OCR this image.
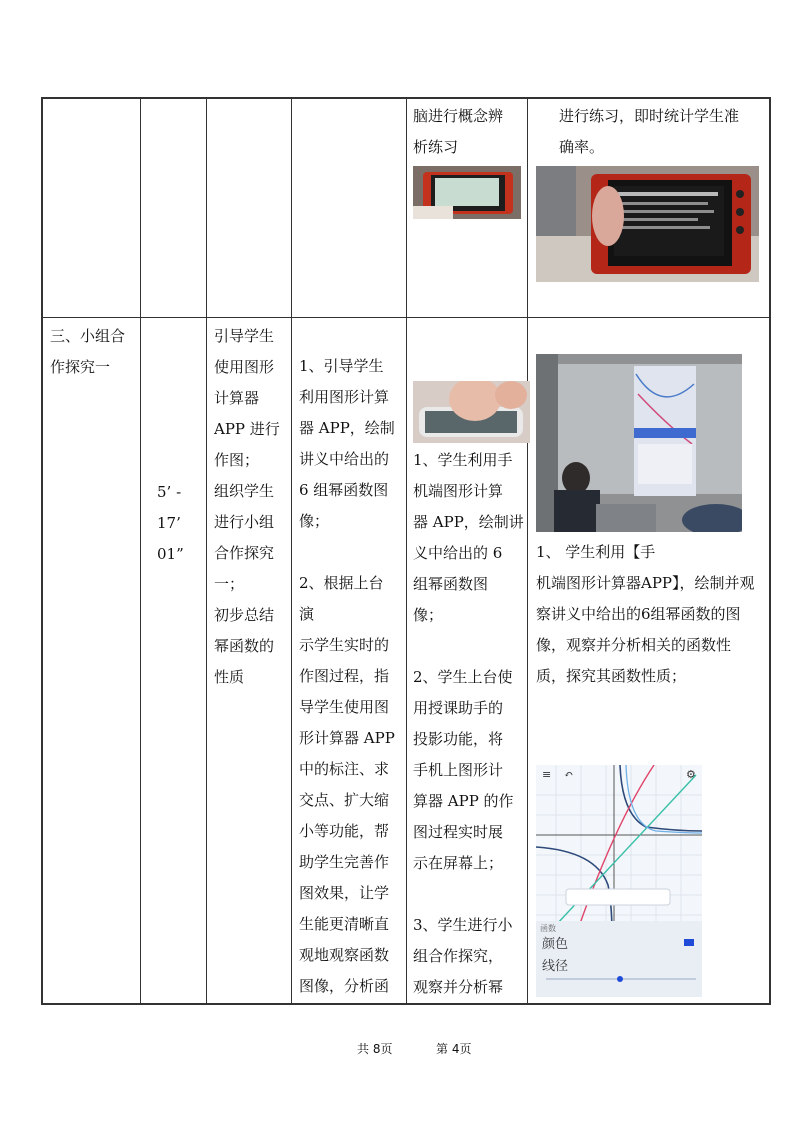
脑进行概念辨
析练习
进行练习，即时统计学生准
确率。
三、小组合
作探究一
5’ -
17’
01”
引导学生
使用图形
计算器
APP 进行
作图；
组织学生
进行小组
合作探究
一；
初步总结
幂函数的
性质
1、引导学生
利用图形计算
器 APP，绘制
讲义中给出的
6 组幂函数图
像；

2、根据上台
演
示学生实时的
作图过程，指
导学生使用图
形计算器 APP
中的标注、求
交点、扩大缩
小等功能，帮
助学生完善作
图效果，让学
生能更清晰直
观地观察函数
图像，分析函
1、学生利用手
机端图形计算
器 APP，绘制讲
义中给出的 6
组幂函数图
像；

2、学生上台使
用授课助手的
投影功能，将
手机上图形计
算器 APP 的作
图过程实时展
示在屏幕上；

3、学生进行小
组合作探究，
观察并分析幂
1、 学生利用【手
机端图形计算器APP】，绘制并观
察讲义中给出的6组幂函数的图
像，观察并分析相关的函数性
质，探究其函数性质；
≡ ↶	⚙
函数
颜色
线径
共 8页	第 4页
